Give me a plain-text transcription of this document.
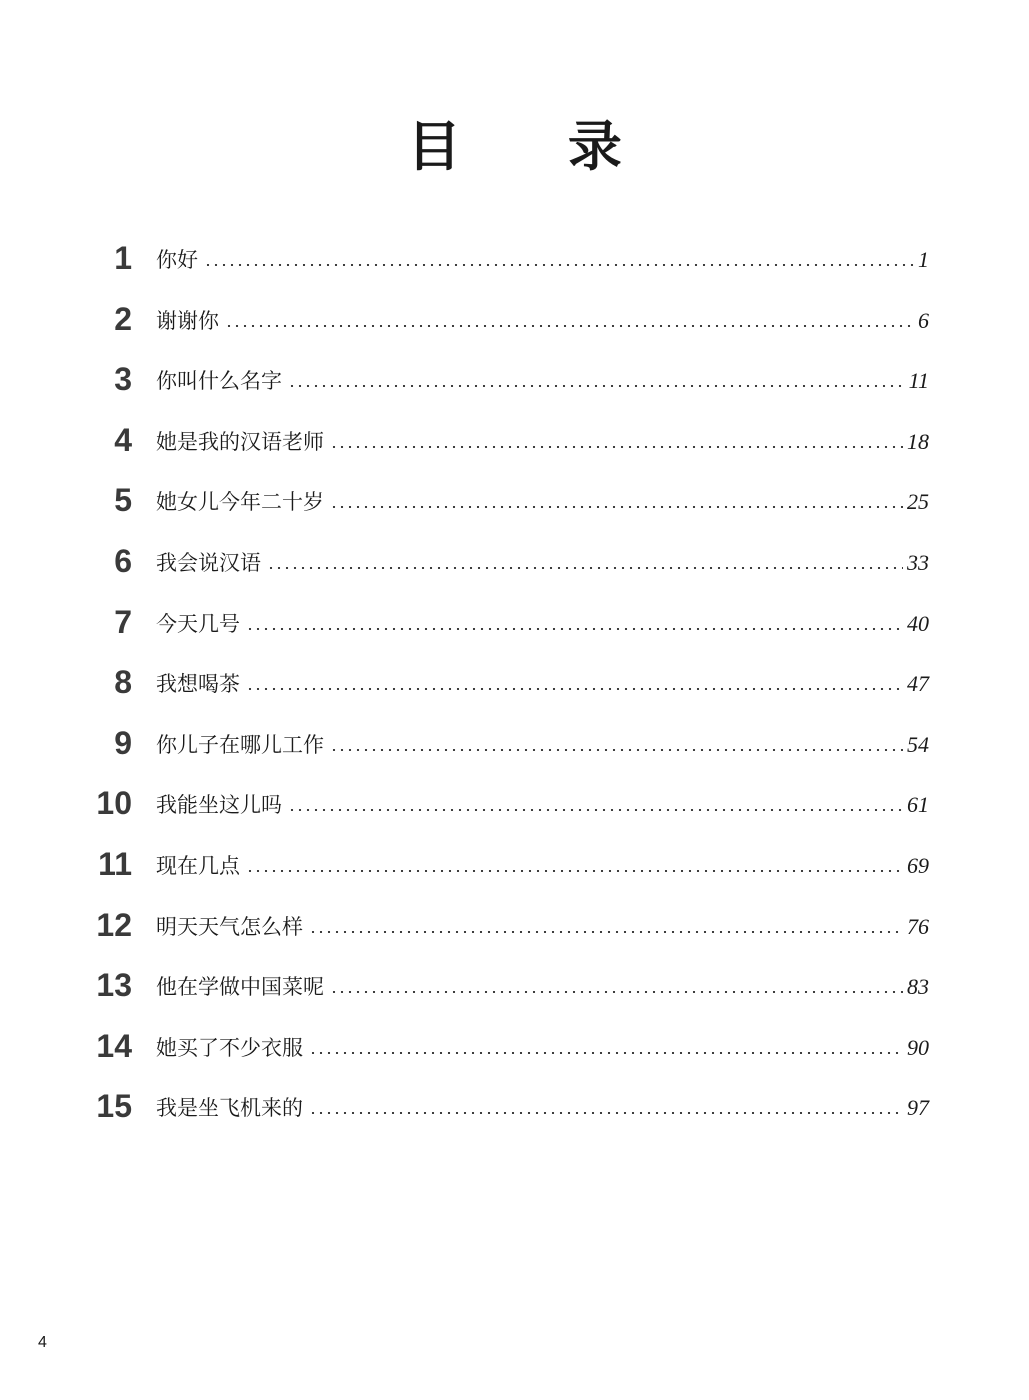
目 录
1 你好	1
2 谢谢你	6
3 你叫什么名字	11
4 她是我的汉语老师	18
5 她女儿今年二十岁	25
6 我会说汉语	33
7 今天几号	40
8 我想喝茶	47
9 你儿子在哪儿工作	54
10 我能坐这儿吗	61
11 现在几点	69
12 明天天气怎么样	76
13 他在学做中国菜呢	83
14 她买了不少衣服	90
15 我是坐飞机来的	97
4
